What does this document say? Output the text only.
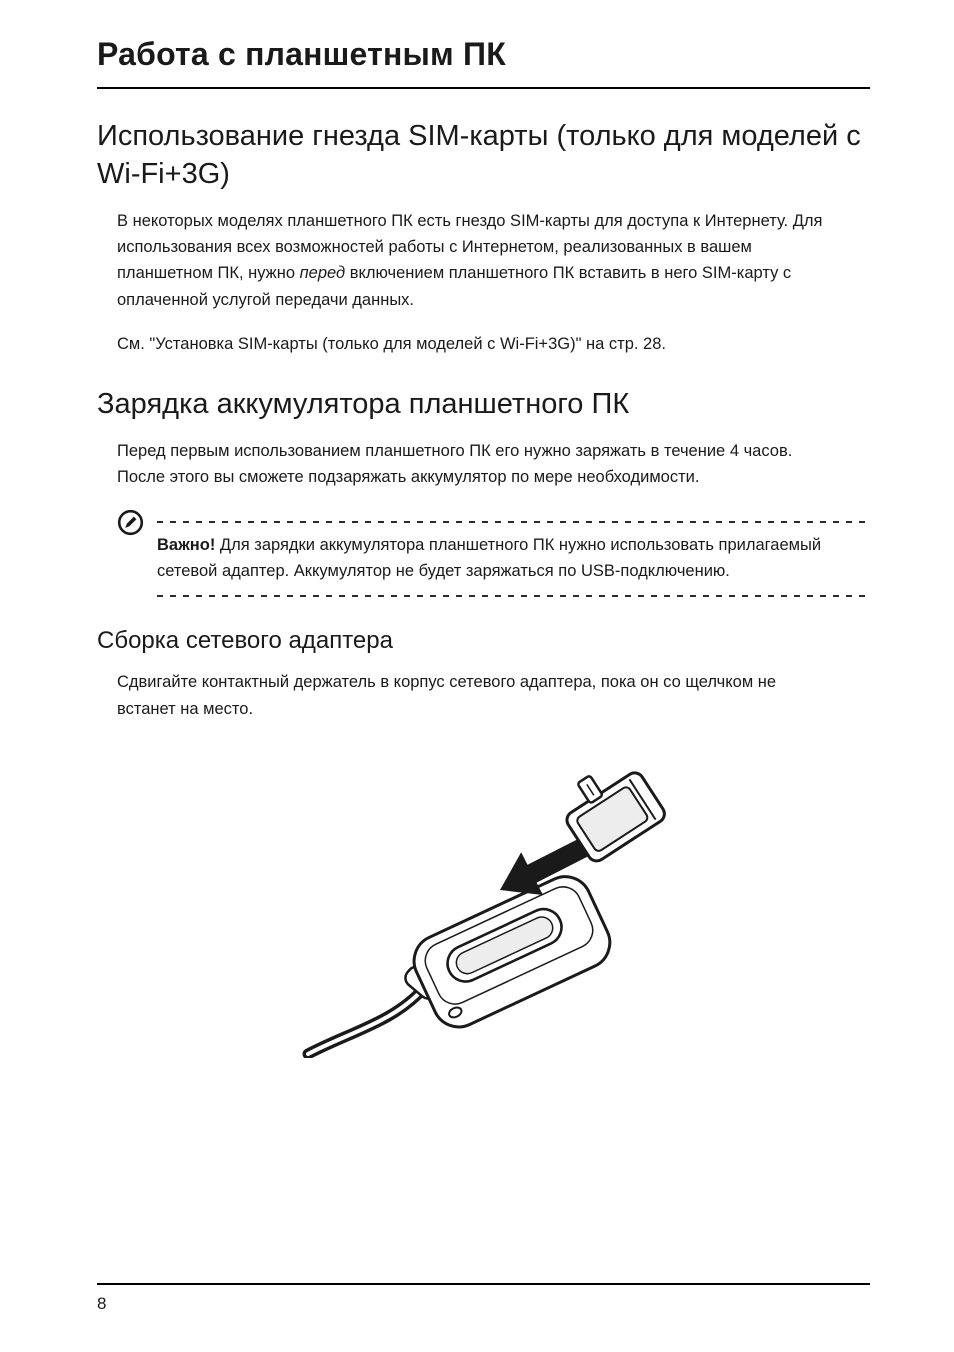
Работа с планшетным ПК
Использование гнезда SIM-карты (только для моделей с Wi-Fi+3G)

В некоторых моделях планшетного ПК есть гнездо SIM-карты для доступа к Интернету. Для использования всех возможностей работы с Интернетом, реализованных в вашем планшетном ПК, нужно перед включением планшетного ПК вставить в него SIM-карту с оплаченной услугой передачи данных.

См. "Установка SIM-карты (только для моделей с Wi-Fi+3G)" на стр. 28.

Зарядка аккумулятора планшетного ПК

Перед первым использованием планшетного ПК его нужно заряжать в течение 4 часов. После этого вы сможете подзаряжать аккумулятор по мере необходимости.

Важно! Для зарядки аккумулятора планшетного ПК нужно использовать прилагаемый сетевой адаптер. Аккумулятор не будет заряжаться по USB-подключению.

Сборка сетевого адаптера

Сдвигайте контактный держатель в корпус сетевого адаптера, пока он со щелчком не встанет на место.

8
